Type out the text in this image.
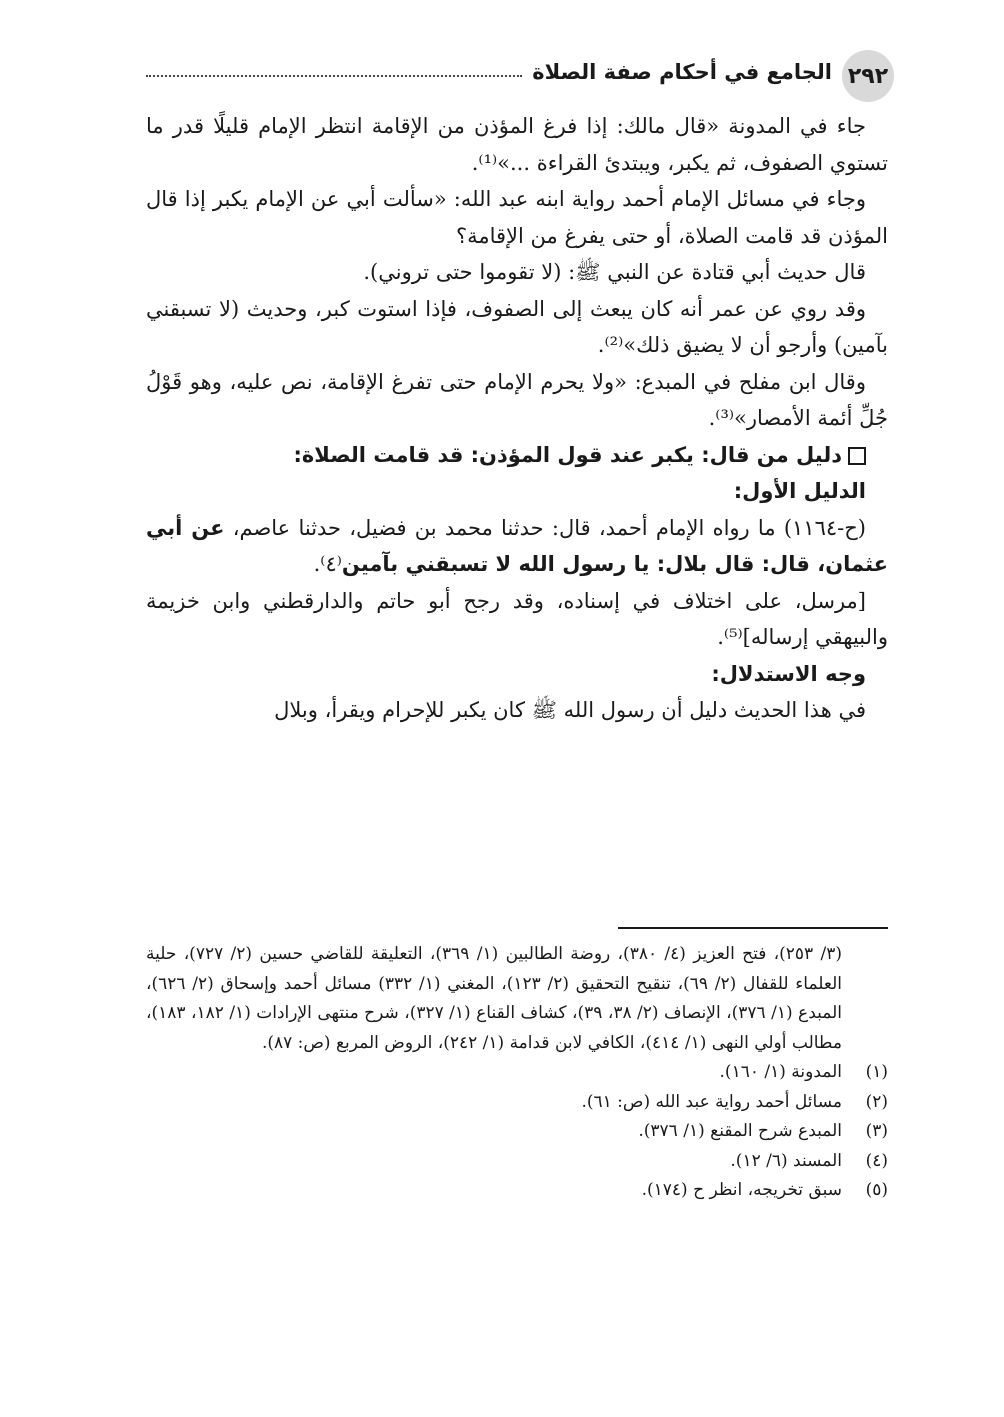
٢٩٢
الجامع في أحكام صفة الصلاة

جاء في المدونة «قال مالك: إذا فرغ المؤذن من الإقامة انتظر الإمام قليلًا قدر ما تستوي الصفوف، ثم يكبر، ويبتدئ القراءة ...»⁽¹⁾.

وجاء في مسائل الإمام أحمد رواية ابنه عبد الله: «سألت أبي عن الإمام يكبر إذا قال المؤذن قد قامت الصلاة، أو حتى يفرغ من الإقامة؟

قال حديث أبي قتادة عن النبي ﷺ: (لا تقوموا حتى تروني).

وقد روي عن عمر أنه كان يبعث إلى الصفوف، فإذا استوت كبر، وحديث (لا تسبقني بآمين) وأرجو أن لا يضيق ذلك»⁽²⁾.

وقال ابن مفلح في المبدع: «ولا يحرم الإمام حتى تفرغ الإقامة، نص عليه، وهو قَوْلُ جُلِّ أئمة الأمصار»⁽³⁾.

دليل من قال: يكبر عند قول المؤذن: قد قامت الصلاة:

الدليل الأول:

(ح-١١٦٤) ما رواه الإمام أحمد، قال: حدثنا محمد بن فضيل، حدثنا عاصم، عن أبي عثمان، قال: قال بلال: يا رسول الله لا تسبقني بآمين⁽٤⁾.

[مرسل، على اختلاف في إسناده، وقد رجح أبو حاتم والدارقطني وابن خزيمة والبيهقي إرساله]⁽⁵⁾.

وجه الاستدلال:

في هذا الحديث دليل أن رسول الله ﷺ كان يكبر للإحرام ويقرأ، وبلال

(٣/ ٢٥٣)، فتح العزيز (٤/ ٣٨٠)، روضة الطالبين (١/ ٣٦٩)، التعليقة للقاضي حسين (٢/ ٧٢٧)، حلية العلماء للقفال (٢/ ٦٩)، تنقيح التحقيق (٢/ ١٢٣)، المغني (١/ ٣٣٢) مسائل أحمد وإسحاق (٢/ ٦٢٦)، المبدع (١/ ٣٧٦)، الإنصاف (٢/ ٣٨، ٣٩)، كشاف القناع (١/ ٣٢٧)، شرح منتهى الإرادات (١/ ١٨٢، ١٨٣)، مطالب أولي النهى (١/ ٤١٤)، الكافي لابن قدامة (١/ ٢٤٢)، الروض المربع (ص: ٨٧).

(١)
المدونة (١/ ١٦٠).
(٢)
مسائل أحمد رواية عبد الله (ص: ٦١).
(٣)
المبدع شرح المقنع (١/ ٣٧٦).
(٤)
المسند (٦/ ١٢).
(٥)
سبق تخريجه، انظر ح (١٧٤).
